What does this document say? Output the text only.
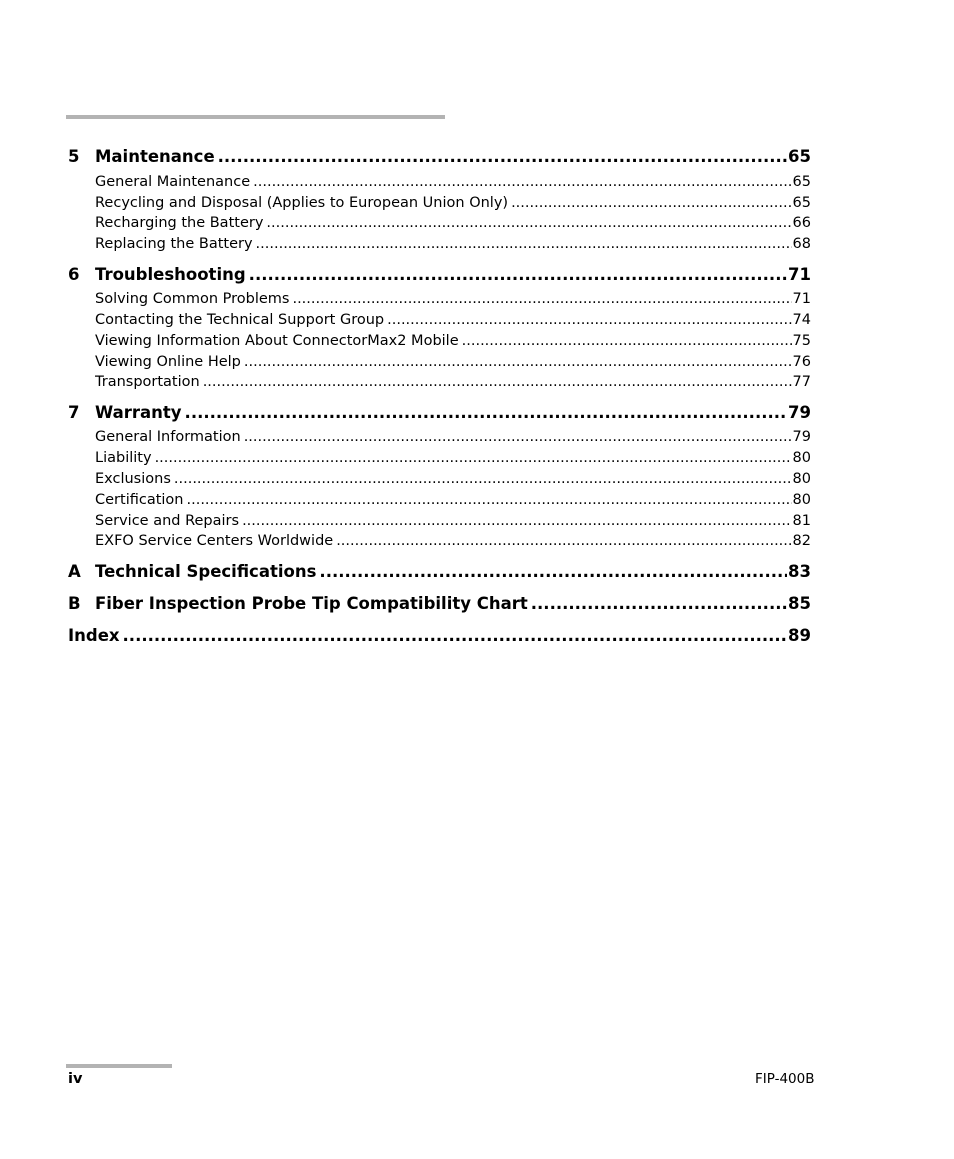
5 Maintenance .....	65
General Maintenance .....	65
Recycling and Disposal (Applies to European Union Only) .....	65
Recharging the Battery .....	66
Replacing the Battery .....	68
6 Troubleshooting .....	71
Solving Common Problems .....	71
Contacting the Technical Support Group .....	74
Viewing Information About ConnectorMax2 Mobile .....	75
Viewing Online Help .....	76
Transportation .....	77
7 Warranty .....	79
General Information .....	79
Liability .....	80
Exclusions .....	80
Certification .....	80
Service and Repairs .....	81
EXFO Service Centers Worldwide .....	82
A Technical Specifications .....	83
B Fiber Inspection Probe Tip Compatibility Chart .....	85
Index .....	89
iv	FIP-400B
